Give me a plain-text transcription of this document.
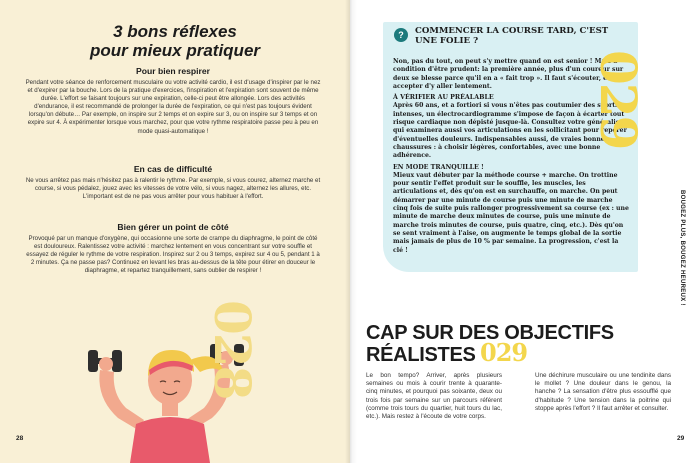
3 bons réflexes
pour mieux pratiquer
Pour bien respirer

Pendant votre séance de renforcement musculaire ou votre activité cardio, il est d'usage d'inspirer par le nez et d'expirer par la bouche. Lors de la pratique d'exercices, l'inspiration et l'expiration sont souvent de même durée. L'effort se faisant toujours sur une expiration, celle-ci peut être allongée. Lors des activités d'endurance, il est recommandé de prolonger la durée de l'expiration, ce qui n'est pas toujours évident lorsqu'on débute… Par exemple, on inspire sur 2 temps et on expire sur 3, ou on inspire sur 3 temps et on expire sur 4. À expérimenter lorsque vous marchez, pour que votre rythme respiratoire passe peu à peu en mode quasi-automatique !

En cas de difficulté

Ne vous arrêtez pas mais n'hésitez pas à ralentir le rythme. Par exemple, si vous courez, alternez marche et course, si vous pédalez, jouez avec les vitesses de votre vélo, si vous nagez, alternez les allures, etc. L'important est de ne pas vous arrêter pour vous habituer à l'effort.

Bien gérer un point de côté

Provoqué par un manque d'oxygène, qui occasionne une sorte de crampe du diaphragme, le point de côté est douloureux. Ralentissez votre activité : marchez lentement en vous concentrant sur votre souffle et essayez de réguler le rythme de votre respiration. Inspirez sur 2 ou 3 temps, expirez sur 4 ou 5, pendant 1 à 2 minutes. Ça ne passe pas? Continuez en levant les bras au-dessus de la tête pour étirer en douceur le diaphragme, et repartez tranquillement, sans oublier de respirer !

028
28
?	COMMENCER LA COURSE TARD, C'EST UNE FOLIE ?

Non, pas du tout, on peut s'y mettre quand on est senior ! Mais à condition d'être prudent: la première année, plus d'un coureur sur deux se blesse parce qu'il en a « fait trop ». Il faut s'écouter, et accepter d'y aller lentement.

À VÉRIFIER AU PRÉALABLE

Après 60 ans, et a fortiori si vous n'êtes pas coutumier des sports intenses, un électrocardiogramme s'impose de façon à écarter tout risque cardiaque non dépisté jusque-là. Consultez votre généraliste, qui examinera aussi vos articulations en les sollicitant pour repérer d'éventuelles douleurs. Indispensables aussi, de vraies bonnes chaussures : à choisir légères, confortables, avec une bonne adhérence.

EN MODE TRANQUILLE !

Mieux vaut débuter par la méthode course + marche. On trottine pour sentir l'effet produit sur le souffle, les muscles, les articulations et, dès qu'on est en surchauffe, on marche. On peut démarrer par une minute de course puis une minute de marche cinq fois de suite puis rallonger progressivement sa course (ex : une minute de marche deux minutes de course, puis une minute de marche trois minutes de course, puis quatre, cinq, etc.). Dès qu'on se sent vraiment à l'aise, on augmente le temps global de la sortie mais jamais de plus de 10 % par semaine. La progression, c'est la clé !

029
BOUGEZ PLUS, BOUGEZ HEUREUX !
CAP SUR DES OBJECTIFS
RÉALISTES 029

Le bon tempo? Arriver, après plusieurs semaines ou mois à courir trente à quarante-cinq minutes, et pourquoi pas soixante, deux ou trois fois par semaine sur un parcours référent (comme trois tours du quartier, huit tours du lac, etc.). Mais restez à l'écoute de votre corps.

Une déchirure musculaire ou une tendinite dans le mollet ? Une douleur dans le genou, la hanche ? La sensation d'être plus essoufflé que d'habitude ? Une tension dans la poitrine qui stoppe après l'effort ? Il faut arrêter et consulter.

29
